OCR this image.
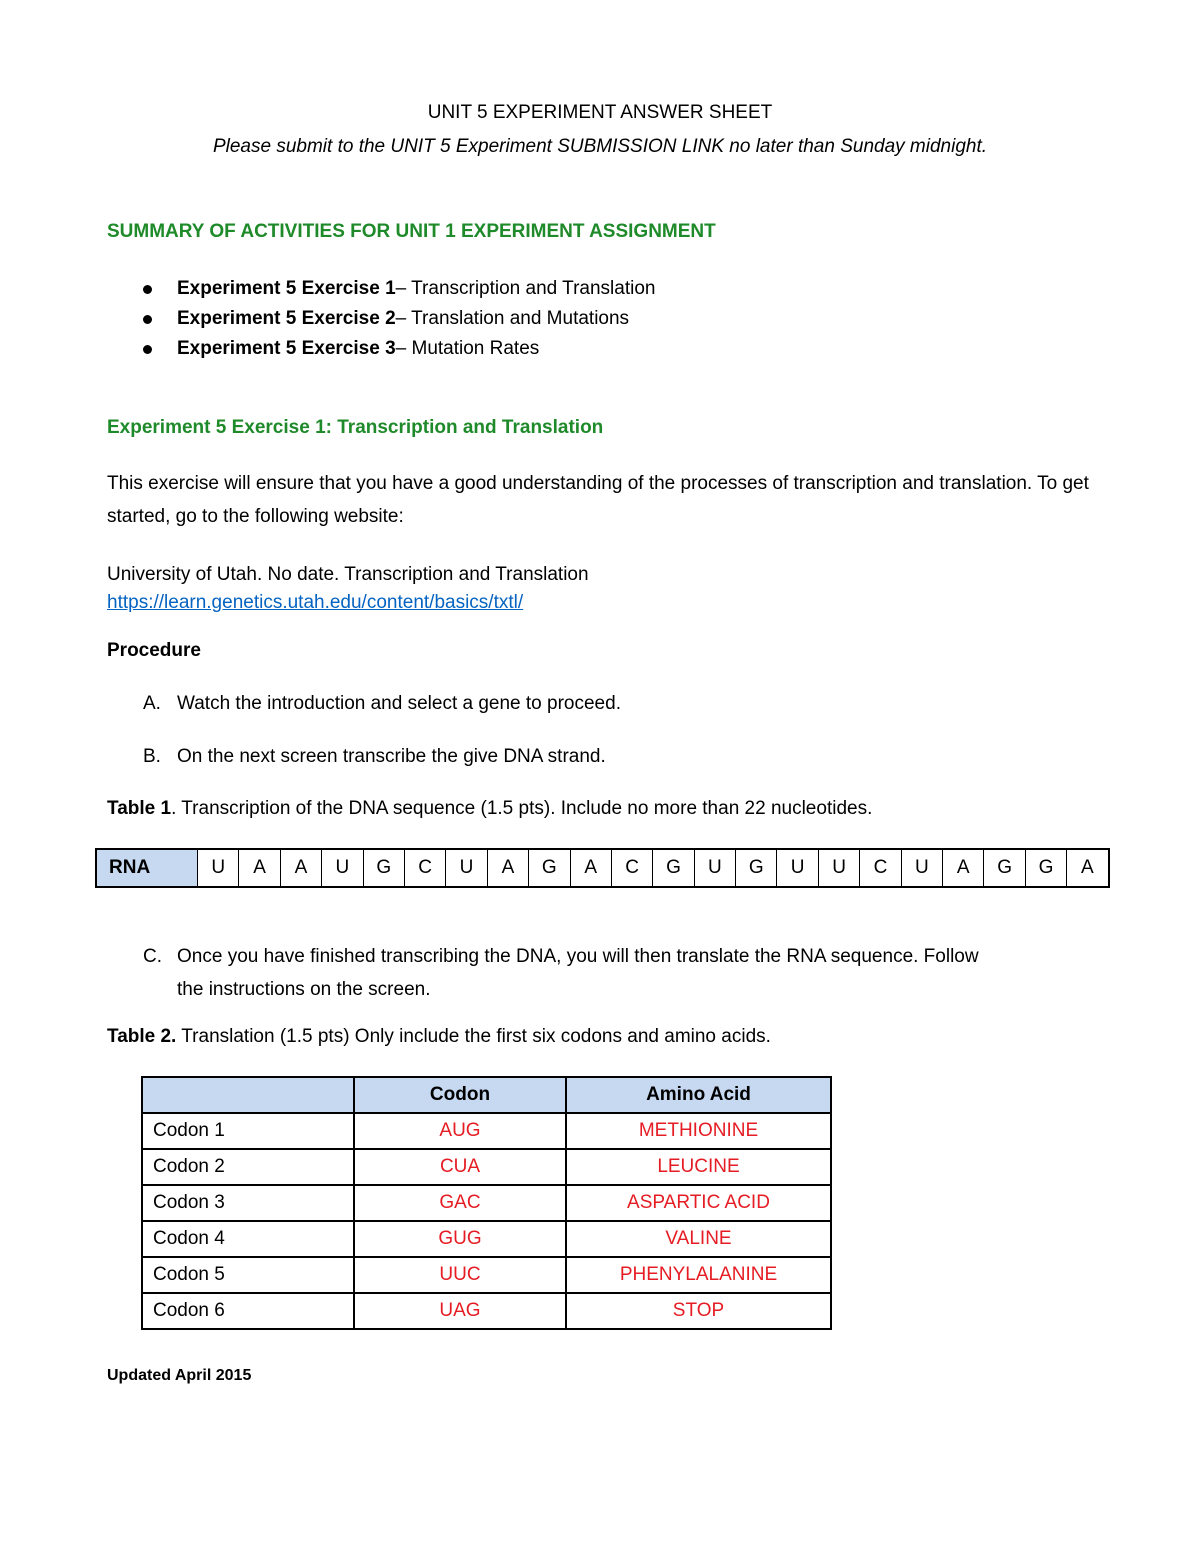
UNIT 5 EXPERIMENT ANSWER SHEET
Please submit to the UNIT 5 Experiment SUBMISSION LINK no later than Sunday midnight.
SUMMARY OF ACTIVITIES FOR UNIT 1 EXPERIMENT ASSIGNMENT
Experiment 5 Exercise 1 – Transcription and Translation
Experiment 5 Exercise 2 – Translation and Mutations
Experiment 5 Exercise 3 – Mutation Rates
Experiment 5 Exercise 1: Transcription and Translation
This exercise will ensure that you have a good understanding of the processes of transcription and translation. To get started, go to the following website:
University of Utah. No date. Transcription and Translation
https://learn.genetics.utah.edu/content/basics/txtl/
Procedure
A. Watch the introduction and select a gene to proceed.
B. On the next screen transcribe the give DNA strand.
Table 1. Transcription of the DNA sequence (1.5 pts). Include no more than 22 nucleotides.
RNA	U	A	A	U	G	C	U	A	G	A	C	G	U	G	U	U	C	U	A	G	G	A
C. Once you have finished transcribing the DNA, you will then translate the RNA sequence. Follow
the instructions on the screen.
Table 2. Translation (1.5 pts) Only include the first six codons and amino acids.
	Codon	Amino Acid
Codon 1	AUG	METHIONINE
Codon 2	CUA	LEUCINE
Codon 3	GAC	ASPARTIC ACID
Codon 4	GUG	VALINE
Codon 5	UUC	PHENYLALANINE
Codon 6	UAG	STOP
Updated April 2015
